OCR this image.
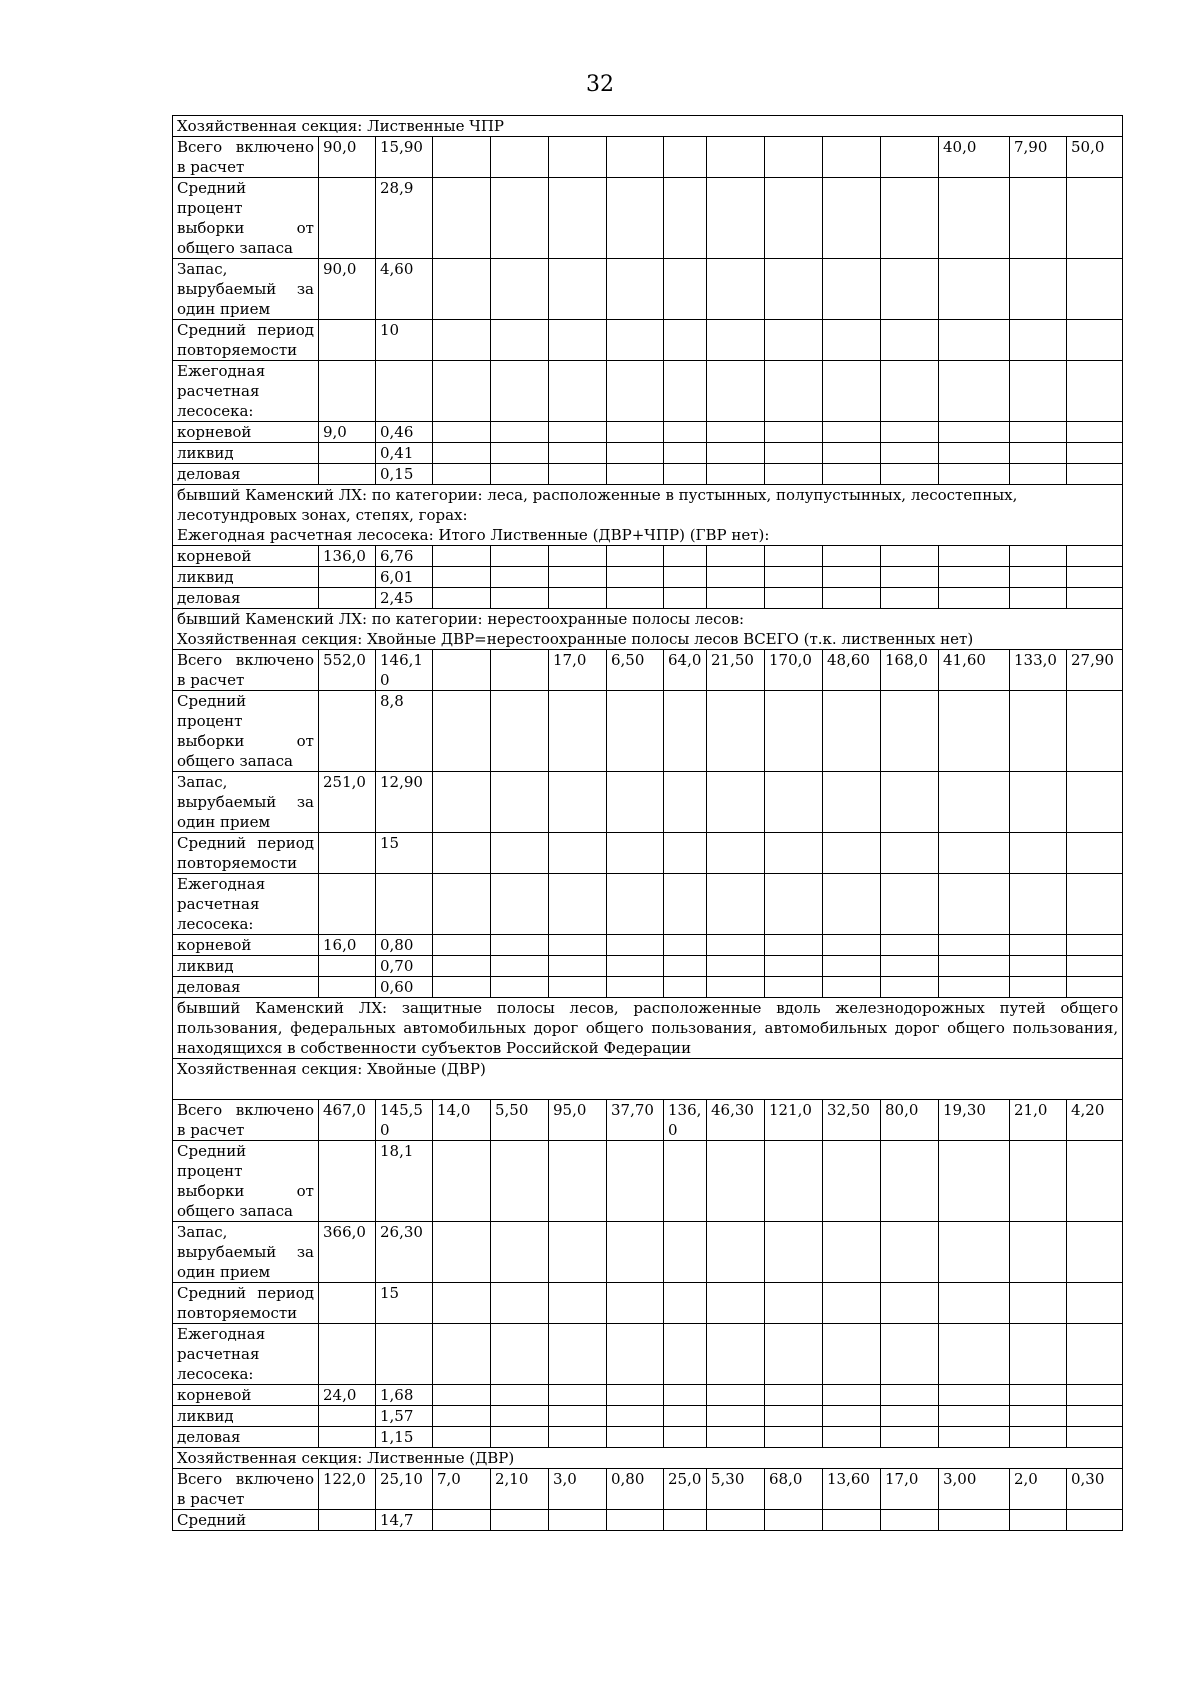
32
Хозяйственная секция: Лиственные ЧПР														

Всего включено в расчет	90,0	15,90										40,0	7,90	50,0
Средний процент выборки от общего запаса		28,9												
Запас, вырубаемый за один прием	90,0	4,60												
Средний период повторяемости		10												
Ежегодная расчетная лесосека:														
корневой	9,0	0,46												
ликвид		0,41												
деловая		0,15												

бывший Каменский ЛХ: по категории: леса, расположенные в пустынных, полупустынных, лесостепных,
лесотундровых зонах, степях, горах:
Ежегодная расчетная лесосека: Итого Лиственные (ДВР+ЧПР) (ГВР нет):														

корневой	136,0	6,76												
ликвид		6,01												
деловая		2,45												

бывший Каменский ЛХ: по категории: нерестоохранные полосы лесов:
Хозяйственная секция: Хвойные ДВР=нерестоохранные полосы лесов ВСЕГО (т.к. лиственных нет)														

Всего включено в расчет	552,0	146,10			17,0	6,50	64,0	21,50	170,0	48,60	168,0	41,60	133,0	27,90
Средний процент выборки от общего запаса		8,8												
Запас, вырубаемый за один прием	251,0	12,90												
Средний период повторяемости		15												
Ежегодная расчетная лесосека:														
корневой	16,0	0,80												
ликвид		0,70												
деловая		0,60												

бывший Каменский ЛХ: защитные полосы лесов, расположенные вдоль железнодорожных путей общего пользования, федеральных автомобильных дорог общего пользования, автомобильных дорог общего пользования, находящихся в собственности субъектов Российской Федерации														

Хозяйственная секция: Хвойные (ДВР)														

Всего включено в расчет	467,0	145,50	14,0	5,50	95,0	37,70	136,0	46,30	121,0	32,50	80,0	19,30	21,0	4,20
Средний процент выборки от общего запаса		18,1												
Запас, вырубаемый за один прием	366,0	26,30												
Средний период повторяемости		15												
Ежегодная расчетная лесосека:														
корневой	24,0	1,68												
ликвид		1,57												
деловая		1,15												

Хозяйственная секция: Лиственные (ДВР)														

Всего включено в расчет	122,0	25,10	7,0	2,10	3,0	0,80	25,0	5,30	68,0	13,60	17,0	3,00	2,0	0,30
Средний		14,7												
